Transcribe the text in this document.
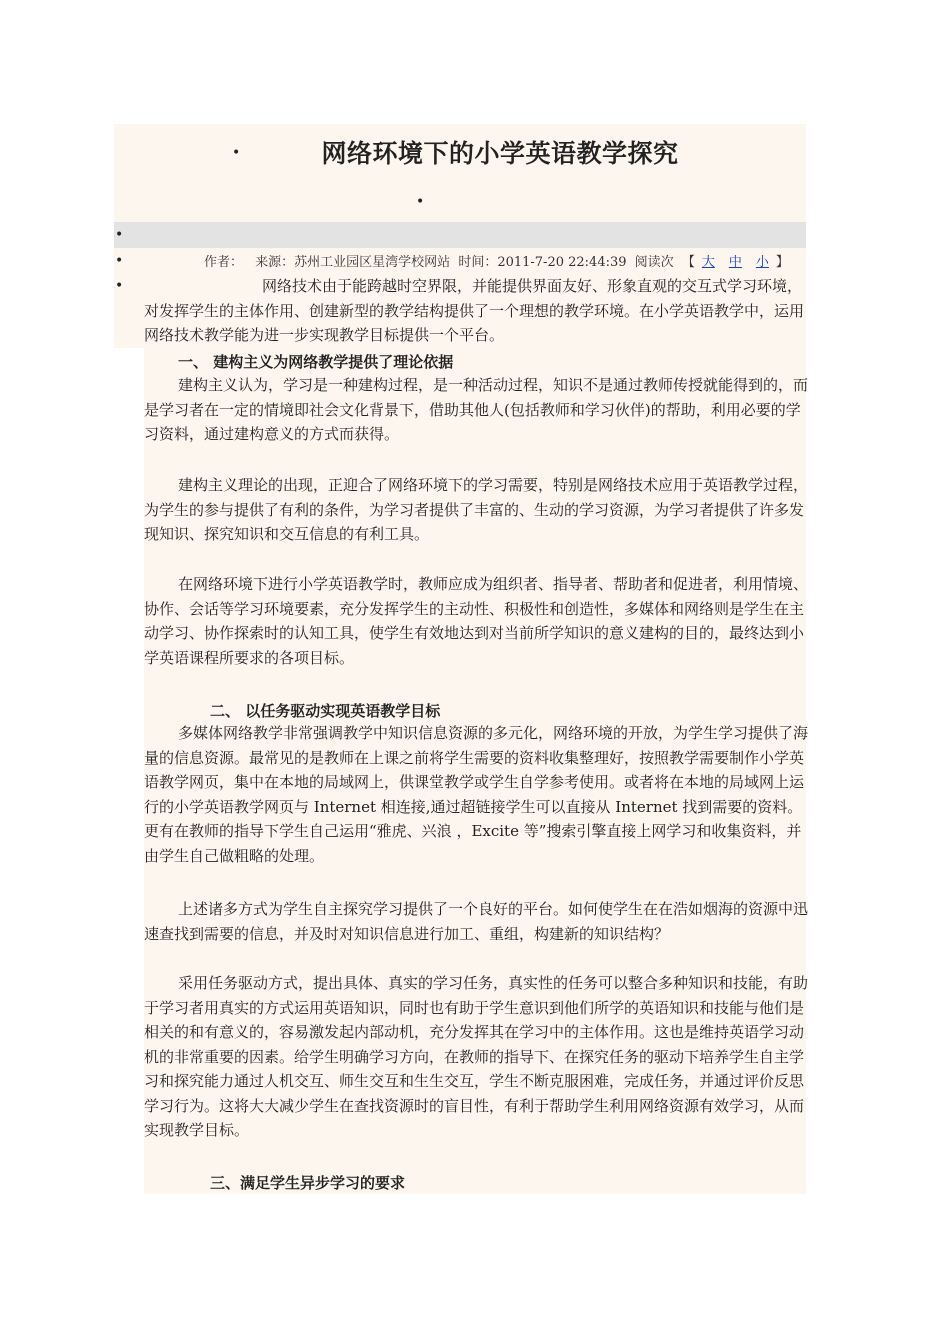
•	网络环境下的小学英语教学探究
•
•
•
•
作者： 来源：苏州工业园区星湾学校网站 时间：2011-7-20 22:44:39 阅读次 【 大 中 小 】
网络技术由于能跨越时空界限，并能提供界面友好、形象直观的交互式学习环境，对发挥学生的主体作用、创建新型的教学结构提供了一个理想的教学环境。在小学英语教学中，运用网络技术教学能为进一步实现教学目标提供一个平台。
一、 建构主义为网络教学提供了理论依据
建构主义认为，学习是一种建构过程，是一种活动过程，知识不是通过教师传授就能得到的，而是学习者在一定的情境即社会文化背景下，借助其他人(包括教师和学习伙伴)的帮助，利用必要的学习资料，通过建构意义的方式而获得。
建构主义理论的出现，正迎合了网络环境下的学习需要，特别是网络技术应用于英语教学过程，为学生的参与提供了有利的条件，为学习者提供了丰富的、生动的学习资源，为学习者提供了许多发现知识、探究知识和交互信息的有利工具。
在网络环境下进行小学英语教学时，教师应成为组织者、指导者、帮助者和促进者，利用情境、协作、会话等学习环境要素，充分发挥学生的主动性、积极性和创造性，多媒体和网络则是学生在主动学习、协作探索时的认知工具，使学生有效地达到对当前所学知识的意义建构的目的，最终达到小学英语课程所要求的各项目标。
二、 以任务驱动实现英语教学目标
多媒体网络教学非常强调教学中知识信息资源的多元化，网络环境的开放，为学生学习提供了海量的信息资源。最常见的是教师在上课之前将学生需要的资料收集整理好，按照教学需要制作小学英语教学网页，集中在本地的局域网上，供课堂教学或学生自学参考使用。或者将在本地的局域网上运行的小学英语教学网页与 Internet 相连接,通过超链接学生可以直接从 Internet 找到需要的资料。更有在教师的指导下学生自己运用“雅虎、兴浪 ，Excite 等”搜索引擎直接上网学习和收集资料，并由学生自己做粗略的处理。
上述诸多方式为学生自主探究学习提供了一个良好的平台。如何使学生在在浩如烟海的资源中迅速查找到需要的信息，并及时对知识信息进行加工、重组，构建新的知识结构？
采用任务驱动方式，提出具体、真实的学习任务，真实性的任务可以整合多种知识和技能，有助于学习者用真实的方式运用英语知识，同时也有助于学生意识到他们所学的英语知识和技能与他们是相关的和有意义的，容易激发起内部动机，充分发挥其在学习中的主体作用。这也是维持英语学习动机的非常重要的因素。给学生明确学习方向，在教师的指导下、在探究任务的驱动下培养学生自主学习和探究能力通过人机交互、师生交互和生生交互，学生不断克服困难，完成任务，并通过评价反思学习行为。这将大大减少学生在查找资源时的盲目性，有利于帮助学生利用网络资源有效学习，从而实现教学目标。
三、满足学生异步学习的要求
